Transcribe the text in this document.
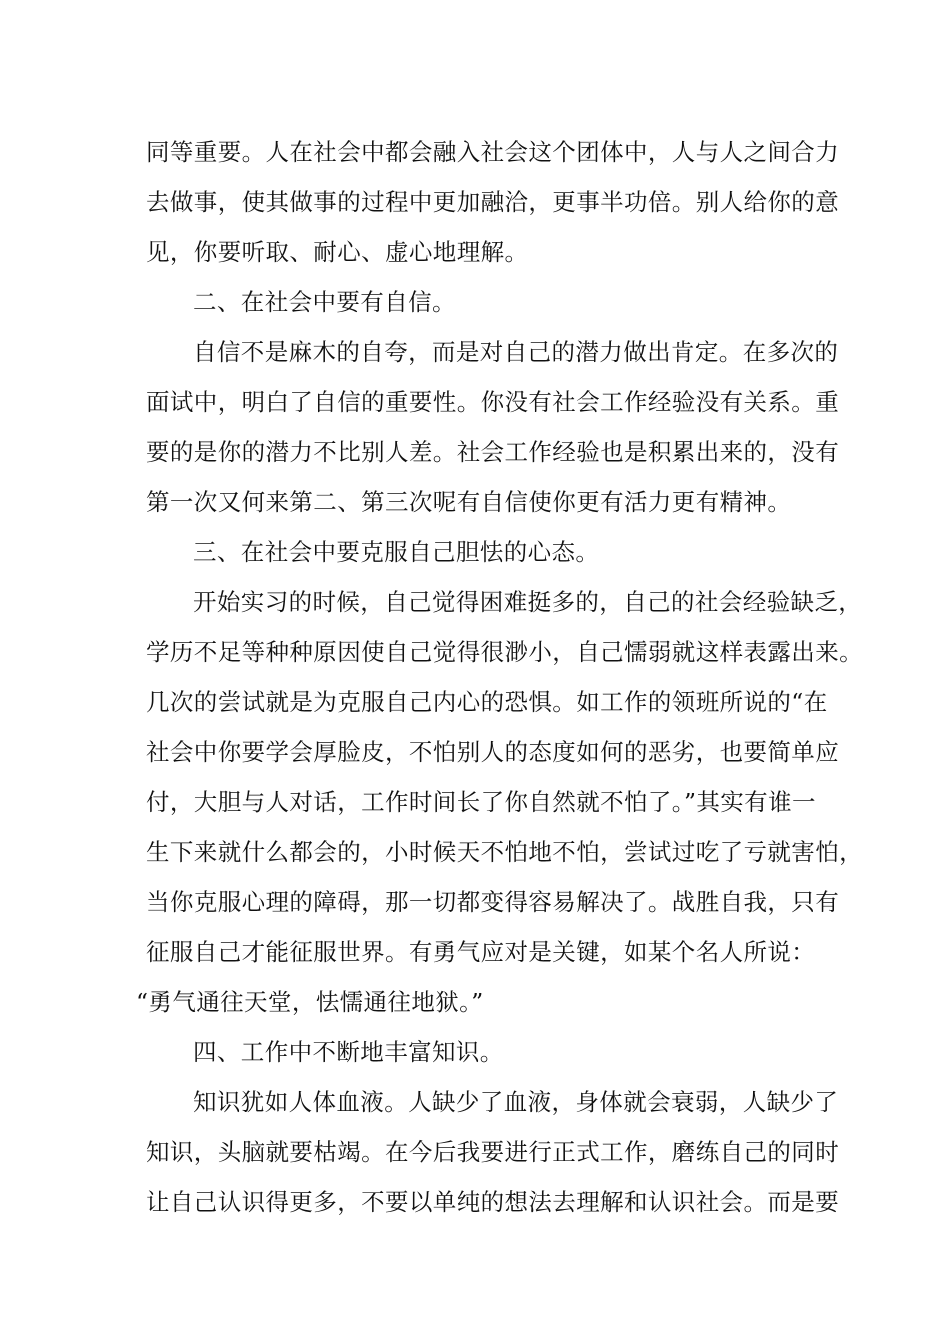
同等重要。人在社会中都会融入社会这个团体中，人与人之间合力
去做事，使其做事的过程中更加融洽，更事半功倍。别人给你的意
见，你要听取、耐心、虚心地理解。
二、在社会中要有自信。
自信不是麻木的自夸，而是对自己的潜力做出肯定。在多次的
面试中，明白了自信的重要性。你没有社会工作经验没有关系。重
要的是你的潜力不比别人差。社会工作经验也是积累出来的，没有
第一次又何来第二、第三次呢有自信使你更有活力更有精神。
三、在社会中要克服自己胆怯的心态。
开始实习的时候，自己觉得困难挺多的，自己的社会经验缺乏，
学历不足等种种原因使自己觉得很渺小，自己懦弱就这样表露出来。
几次的尝试就是为克服自己内心的恐惧。如工作的领班所说的“在
社会中你要学会厚脸皮，不怕别人的态度如何的恶劣，也要简单应
付，大胆与人对话，工作时间长了你自然就不怕了。”其实有谁一
生下来就什么都会的，小时候天不怕地不怕，尝试过吃了亏就害怕，
当你克服心理的障碍，那一切都变得容易解决了。战胜自我，只有
征服自己才能征服世界。有勇气应对是关键，如某个名人所说：
“勇气通往天堂，怯懦通往地狱。”
四、工作中不断地丰富知识。
知识犹如人体血液。人缺少了血液，身体就会衰弱，人缺少了
知识，头脑就要枯竭。在今后我要进行正式工作，磨练自己的同时
让自己认识得更多，不要以单纯的想法去理解和认识社会。而是要
